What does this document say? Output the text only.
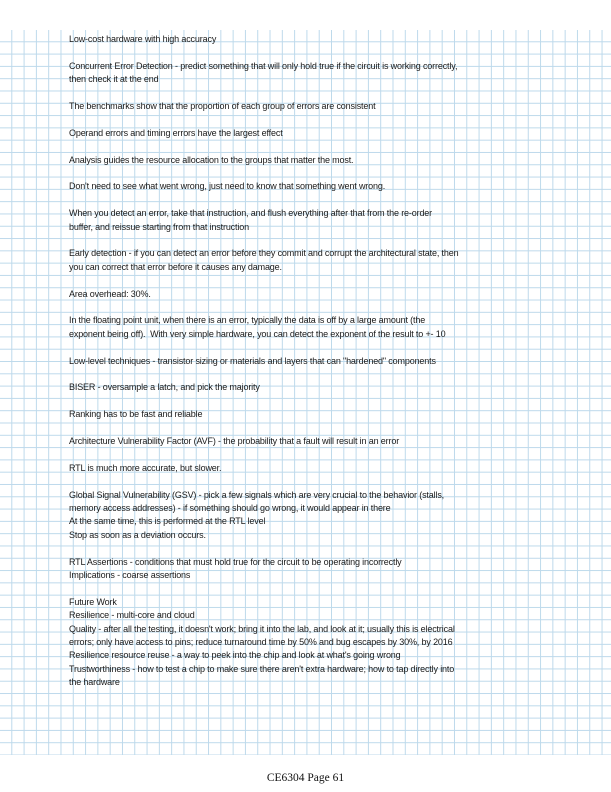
Low-cost hardware with high accuracy
Concurrent Error Detection - predict something that will only hold true if the circuit is working correctly,
then check it at the end
The benchmarks show that the proportion of each group of errors are consistent
Operand errors and timing errors have the largest effect
Analysis guides the resource allocation to the groups that matter the most.
Don't need to see what went wrong, just need to know that something went wrong.
When you detect an error, take that instruction, and flush everything after that from the re-order
buffer, and reissue starting from that instruction
Early detection - if you can detect an error before they commit and corrupt the architectural state, then
you can correct that error before it causes any damage.
Area overhead: 30%.
In the floating point unit, when there is an error, typically the data is off by a large amount (the
exponent being off).  With very simple hardware, you can detect the exponent of the result to +- 10
Low-level techniques - transistor sizing or materials and layers that can "hardened" components
BISER - oversample a latch, and pick the majority
Ranking has to be fast and reliable
Architecture Vulnerability Factor (AVF) - the probability that a fault will result in an error
RTL is much more accurate, but slower.
Global Signal Vulnerability (GSV) - pick a few signals which are very crucial to the behavior (stalls,
memory access addresses) - if something should go wrong, it would appear in there
At the same time, this is performed at the RTL level
Stop as soon as a deviation occurs.
RTL Assertions - conditions that must hold true for the circuit to be operating incorrectly
Implications - coarse assertions
Future Work
Resilience - multi-core and cloud
Quality - after all the testing, it doesn't work; bring it into the lab, and look at it; usually this is electrical
errors; only have access to pins; reduce turnaround time by 50% and bug escapes by 30%, by 2016
Resilience resource reuse - a way to peek into the chip and look at what's going wrong
Trustworthiness - how to test a chip to make sure there aren't extra hardware; how to tap directly into
the hardware
CE6304 Page 61
